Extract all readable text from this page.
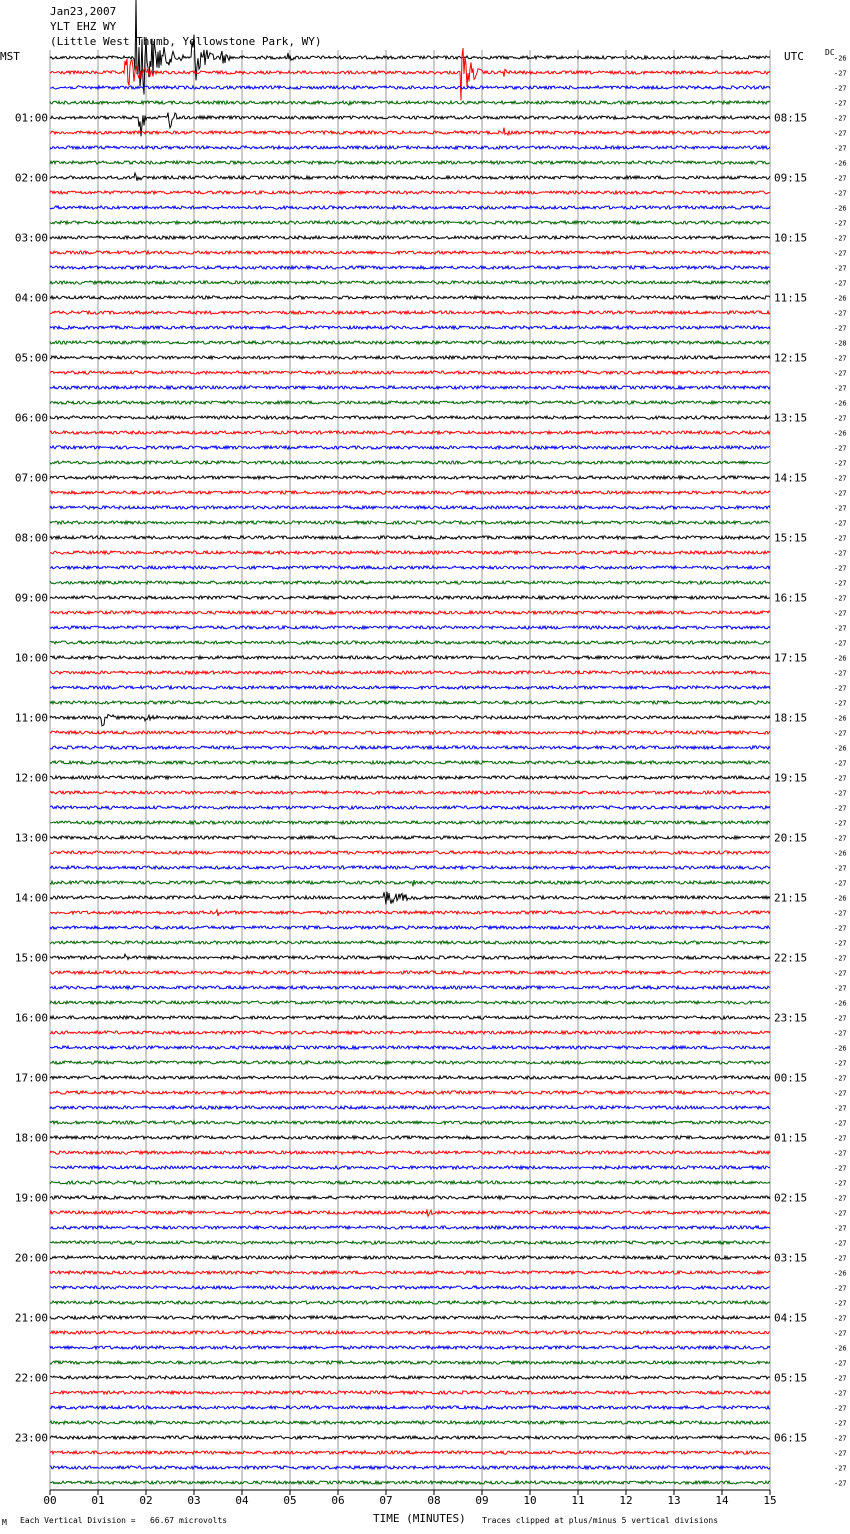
Jan23,2007
YLT EHZ WY
(Little West Thumb, Yellowstone Park, WY)
MST	UTC	DC
00	01	02	03	04	05	06	07	08	09	10	11	12	13	14	15
-26
-27
-27
-27
-27
-27
-27
-26
-27
-27
-26
-27
-27
-27
-27
-27
-26
-27
-27
-28
-27
-27
-27
-26
-27
-26
-27
-27
-27
-27
-27
-27
-27
-27
-27
-27
-27
-27
-27
-27
-26
-27
-27
-27
-26
-27
-26
-27
-27
-27
-27
-27
-27
-26
-27
-27
-26
-27
-27
-27
-27
-27
-27
-26
-27
-27
-26
-27
-27
-27
-27
-27
-27
-27
-27
-27
-27
-27
-27
-27
-27
-26
-27
-27
-27
-27
-26
-27
-27
-27
-27
-27
-27
-27
-27
-27
01:00
02:00
03:00
04:00
05:00
06:00
07:00
08:00
09:00
10:00
11:00
12:00
13:00
14:00
15:00
16:00
17:00
18:00
19:00
20:00
21:00
22:00
23:00
08:15
09:15
10:15
11:15
12:15
13:15
14:15
15:15
16:15
17:15
18:15
19:15
20:15
21:15
22:15
23:15
00:15
01:15
02:15
03:15
04:15
05:15
06:15
M Each Vertical Division =   66.67 microvolts	TIME (MINUTES) Traces clipped at plus/minus 5 vertical divisions
